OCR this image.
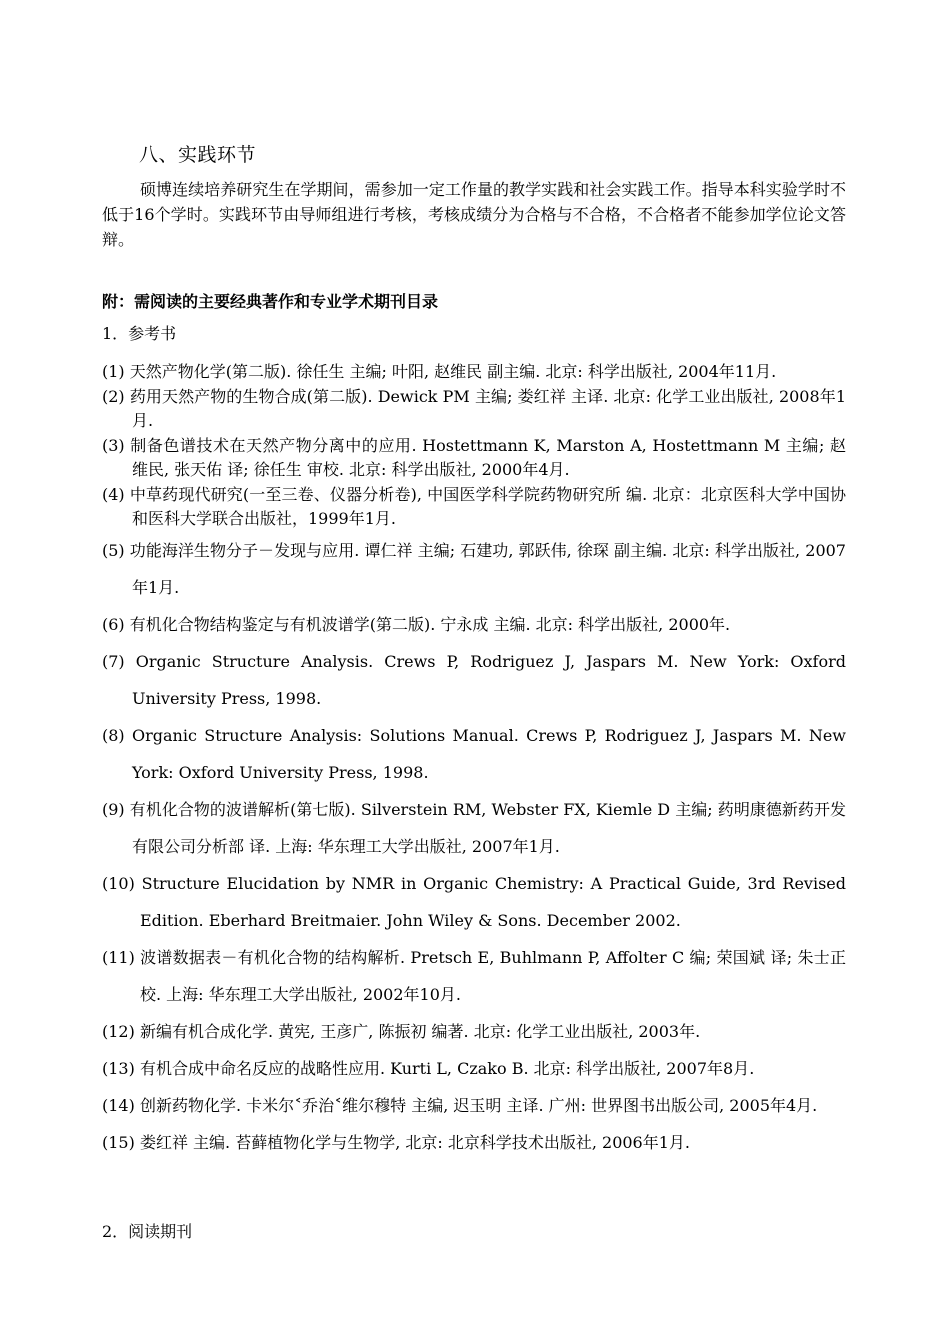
八、实践环节

硕博连续培养研究生在学期间，需参加一定工作量的教学实践和社会实践工作。指导本科实验学时不低于16个学时。实践环节由导师组进行考核，考核成绩分为合格与不合格，不合格者不能参加学位论文答辩。

附：需阅读的主要经典著作和专业学术期刊目录

1．参考书

(1) 天然产物化学(第二版). 徐任生 主编; 叶阳, 赵维民 副主编. 北京: 科学出版社, 2004年11月.
(2) 药用天然产物的生物合成(第二版). Dewick PM 主编; 娄红祥 主译. 北京: 化学工业出版社, 2008年1月.
(3) 制备色谱技术在天然产物分离中的应用. Hostettmann K, Marston A, Hostettmann M 主编; 赵维民, 张天佑 译; 徐任生 审校. 北京: 科学出版社, 2000年4月.
(4) 中草药现代研究(一至三卷、仪器分析卷), 中国医学科学院药物研究所 编. 北京：北京医科大学中国协和医科大学联合出版社，1999年1月.
(5) 功能海洋生物分子－发现与应用. 谭仁祥 主编; 石建功, 郭跃伟, 徐琛 副主编. 北京: 科学出版社, 2007年1月.
(6) 有机化合物结构鉴定与有机波谱学(第二版). 宁永成 主编. 北京: 科学出版社, 2000年.
(7) Organic Structure Analysis. Crews P, Rodriguez J, Jaspars M. New York: Oxford University Press, 1998.
(8) Organic Structure Analysis: Solutions Manual. Crews P, Rodriguez J, Jaspars M. New York: Oxford University Press, 1998.
(9) 有机化合物的波谱解析(第七版). Silverstein RM, Webster FX, Kiemle D 主编; 药明康德新药开发有限公司分析部 译. 上海: 华东理工大学出版社, 2007年1月.
(10) Structure Elucidation by NMR in Organic Chemistry: A Practical Guide, 3rd Revised Edition. Eberhard Breitmaier. John Wiley & Sons. December 2002.
(11) 波谱数据表－有机化合物的结构解析. Pretsch E, Buhlmann P, Affolter C 编; 荣国斌 译; 朱士正 校. 上海: 华东理工大学出版社, 2002年10月.
(12) 新编有机合成化学. 黄宪, 王彦广, 陈振初 编著. 北京: 化学工业出版社, 2003年.
(13) 有机合成中命名反应的战略性应用. Kurti L, Czako B. 北京: 科学出版社, 2007年8月.
(14) 创新药物化学. 卡米尔˂乔治˂维尔穆特 主编, 迟玉明 主译. 广州: 世界图书出版公司, 2005年4月.
(15) 娄红祥 主编. 苔藓植物化学与生物学, 北京: 北京科学技术出版社, 2006年1月.

2．阅读期刊
